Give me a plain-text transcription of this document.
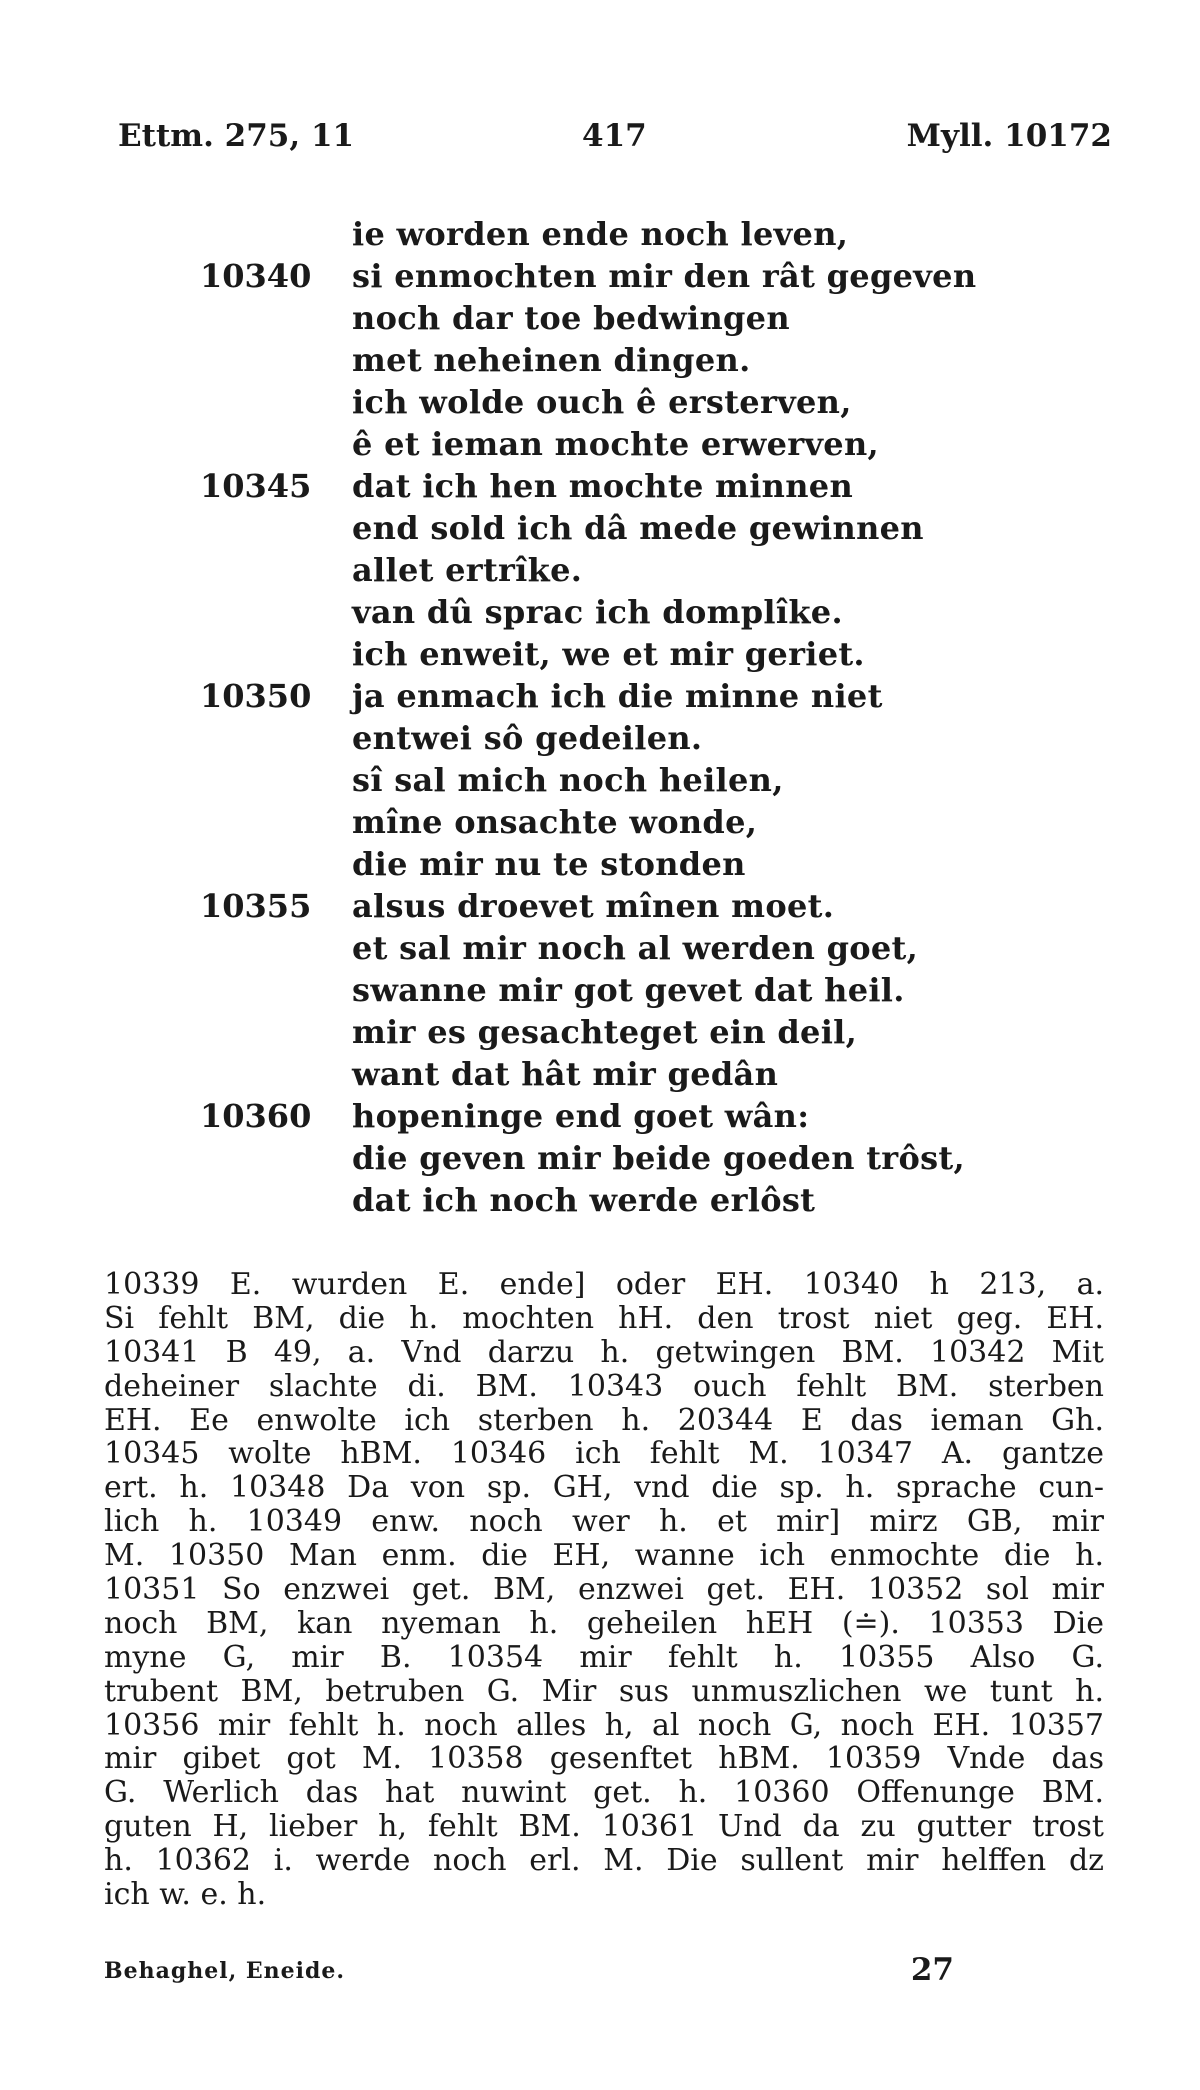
Ettm. 275, 11	417	Myll. 10172
ie worden ende noch leven,
10340 si enmochten mir den rât gegeven
noch dar toe bedwingen
met neheinen dingen.
ich wolde ouch ê ersterven,
ê et ieman mochte erwerven,
10345 dat ich hen mochte minnen
end sold ich dâ mede gewinnen
allet ertrîke.
van dû sprac ich domplîke.
ich enweit, we et mir geriet.
10350 ja enmach ich die minne niet
entwei sô gedeilen.
sî sal mich noch heilen,
mîne onsachte wonde,
die mir nu te stonden
10355 alsus droevet mînen moet.
et sal mir noch al werden goet,
swanne mir got gevet dat heil.
mir es gesachteget ein deil,
want dat hât mir gedân
10360 hopeninge end goet wân:
die geven mir beide goeden trôst,
dat ich noch werde erlôst
10339 E. wurden E. ende] oder EH. 10340 h 213, a.
Si fehlt BM, die h. mochten hH. den trost niet geg. EH.
10341 B 49, a. Vnd darzu h. getwingen BM. 10342 Mit
deheiner slachte di. BM. 10343 ouch fehlt BM. sterben
EH. Ee enwolte ich sterben h. 20344 E das ieman Gh.
10345 wolte hBM. 10346 ich fehlt M. 10347 A. gantze
ert. h. 10348 Da von sp. GH, vnd die sp. h. sprache cun-
lich h. 10349 enw. noch wer h. et mir] mirz GB, mir
M. 10350 Man enm. die EH, wanne ich enmochte die h.
10351 So enzwei get. BM, enzwei get. EH. 10352 sol mir
noch BM, kan nyeman h. geheilen hEH (≐). 10353 Die
myne G, mir B. 10354 mir fehlt h. 10355 Also G.
trubent BM, betruben G. Mir sus unmuszlichen we tunt h.
10356 mir fehlt h. noch alles h, al noch G, noch EH. 10357
mir gibet got M. 10358 gesenftet hBM. 10359 Vnde das
G. Werlich das hat nuwint get. h. 10360 Offenunge BM.
guten H, lieber h, fehlt BM. 10361 Und da zu gutter trost
h. 10362 i. werde noch erl. M. Die sullent mir helffen dz
ich w. e. h.
Behaghel, Eneide.	27
